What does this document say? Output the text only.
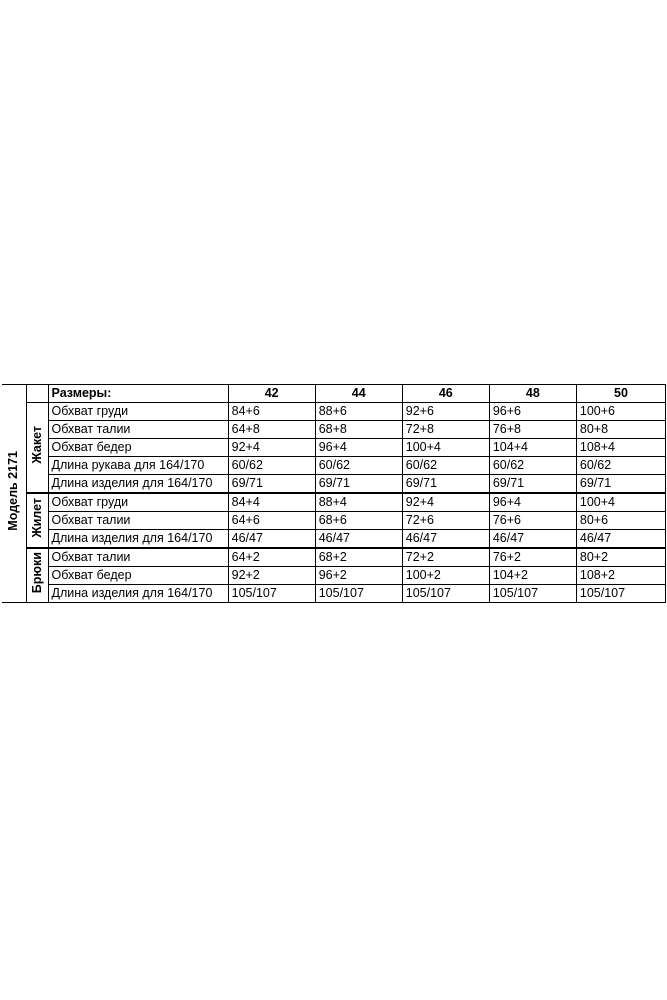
Модель 2171		Размеры:	42	44	46	48	50
	Жакет	Обхват груди	84+6	88+6	92+6	96+6	100+6
		Обхват талии	64+8	68+8	72+8	76+8	80+8
		Обхват бедер	92+4	96+4	100+4	104+4	108+4
		Длина рукава для 164/170	60/62	60/62	60/62	60/62	60/62
		Длина изделия для 164/170	69/71	69/71	69/71	69/71	69/71
	Жилет	Обхват груди	84+4	88+4	92+4	96+4	100+4
		Обхват талии	64+6	68+6	72+6	76+6	80+6
		Длина изделия для 164/170	46/47	46/47	46/47	46/47	46/47
	Брюки	Обхват талии	64+2	68+2	72+2	76+2	80+2
		Обхват бедер	92+2	96+2	100+2	104+2	108+2
		Длина изделия для 164/170	105/107	105/107	105/107	105/107	105/107
